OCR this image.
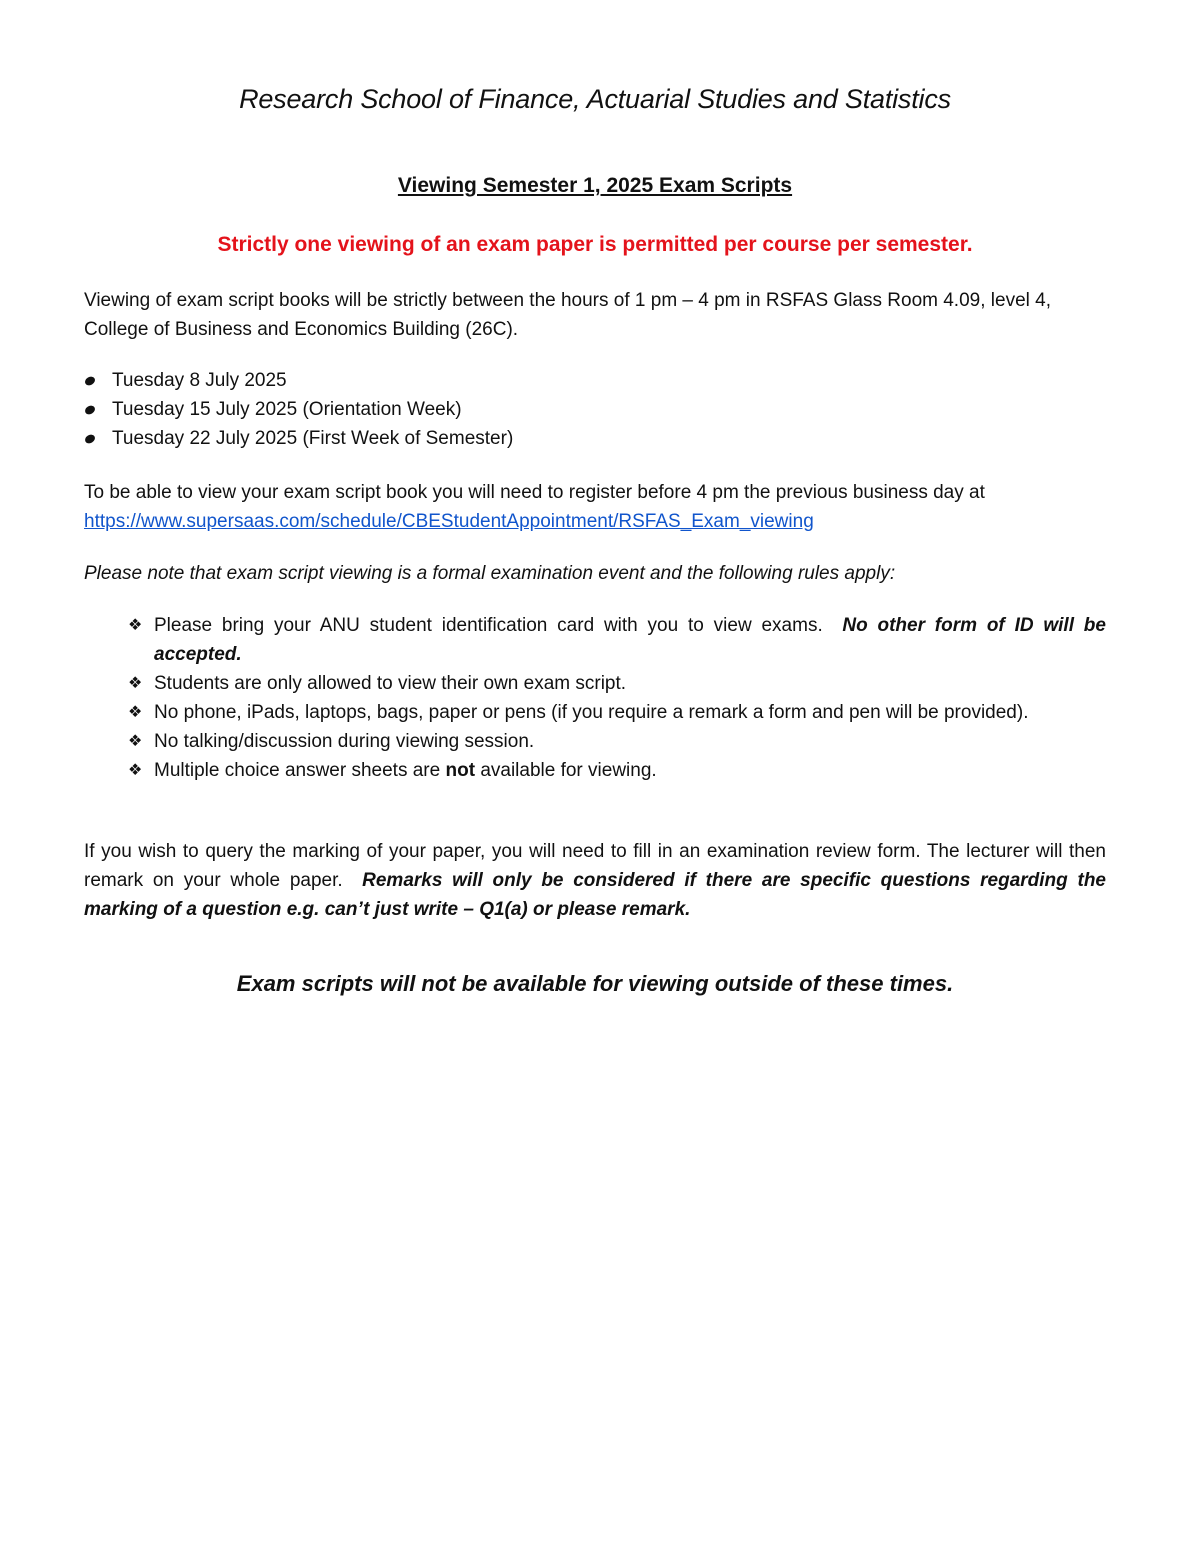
Research School of Finance, Actuarial Studies and Statistics
Viewing Semester 1, 2025 Exam Scripts
Strictly one viewing of an exam paper is permitted per course per semester.
Viewing of exam script books will be strictly between the hours of 1 pm – 4 pm in RSFAS Glass Room 4.09, level 4, College of Business and Economics Building (26C).
Tuesday 8 July 2025
Tuesday 15 July 2025 (Orientation Week)
Tuesday 22 July 2025 (First Week of Semester)
To be able to view your exam script book you will need to register before 4 pm the previous business day at
https://www.supersaas.com/schedule/CBEStudentAppointment/RSFAS_Exam_viewing
Please note that exam script viewing is a formal examination event and the following rules apply:
❖ Please bring your ANU student identification card with you to view exams. No other form of ID will be accepted.
❖ Students are only allowed to view their own exam script.
❖ No phone, iPads, laptops, bags, paper or pens (if you require a remark a form and pen will be provided).
❖ No talking/discussion during viewing session.
❖ Multiple choice answer sheets are not available for viewing.
If you wish to query the marking of your paper, you will need to fill in an examination review form. The lecturer will then remark on your whole paper. Remarks will only be considered if there are specific questions regarding the marking of a question e.g. can’t just write – Q1(a) or please remark.
Exam scripts will not be available for viewing outside of these times.
